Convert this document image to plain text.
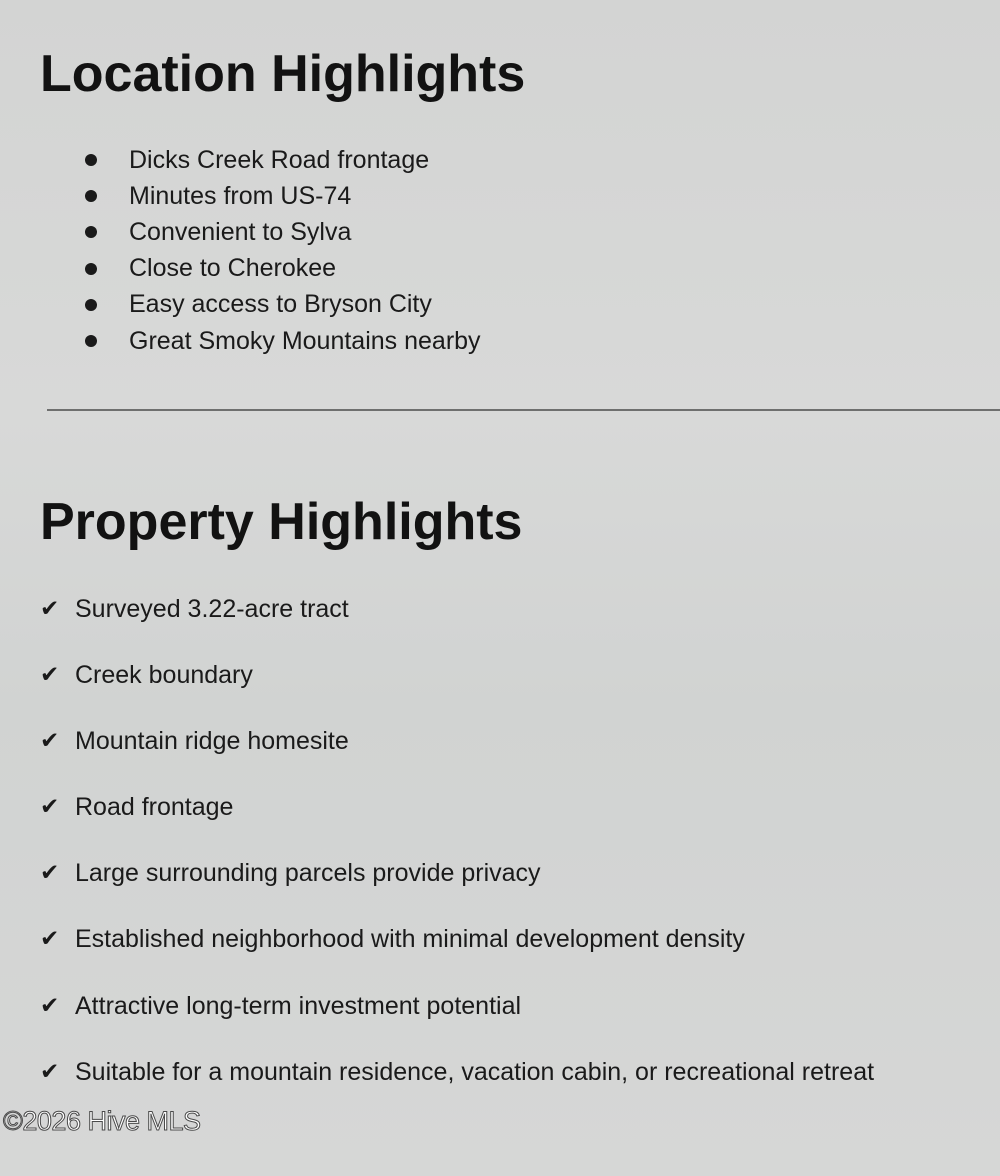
Location Highlights
Dicks Creek Road frontage
Minutes from US-74
Convenient to Sylva
Close to Cherokee
Easy access to Bryson City
Great Smoky Mountains nearby
Property Highlights
✔ Surveyed 3.22-acre tract
✔ Creek boundary
✔ Mountain ridge homesite
✔ Road frontage
✔ Large surrounding parcels provide privacy
✔ Established neighborhood with minimal development density
✔ Attractive long-term investment potential
✔ Suitable for a mountain residence, vacation cabin, or recreational retreat
©2026 Hive MLS
